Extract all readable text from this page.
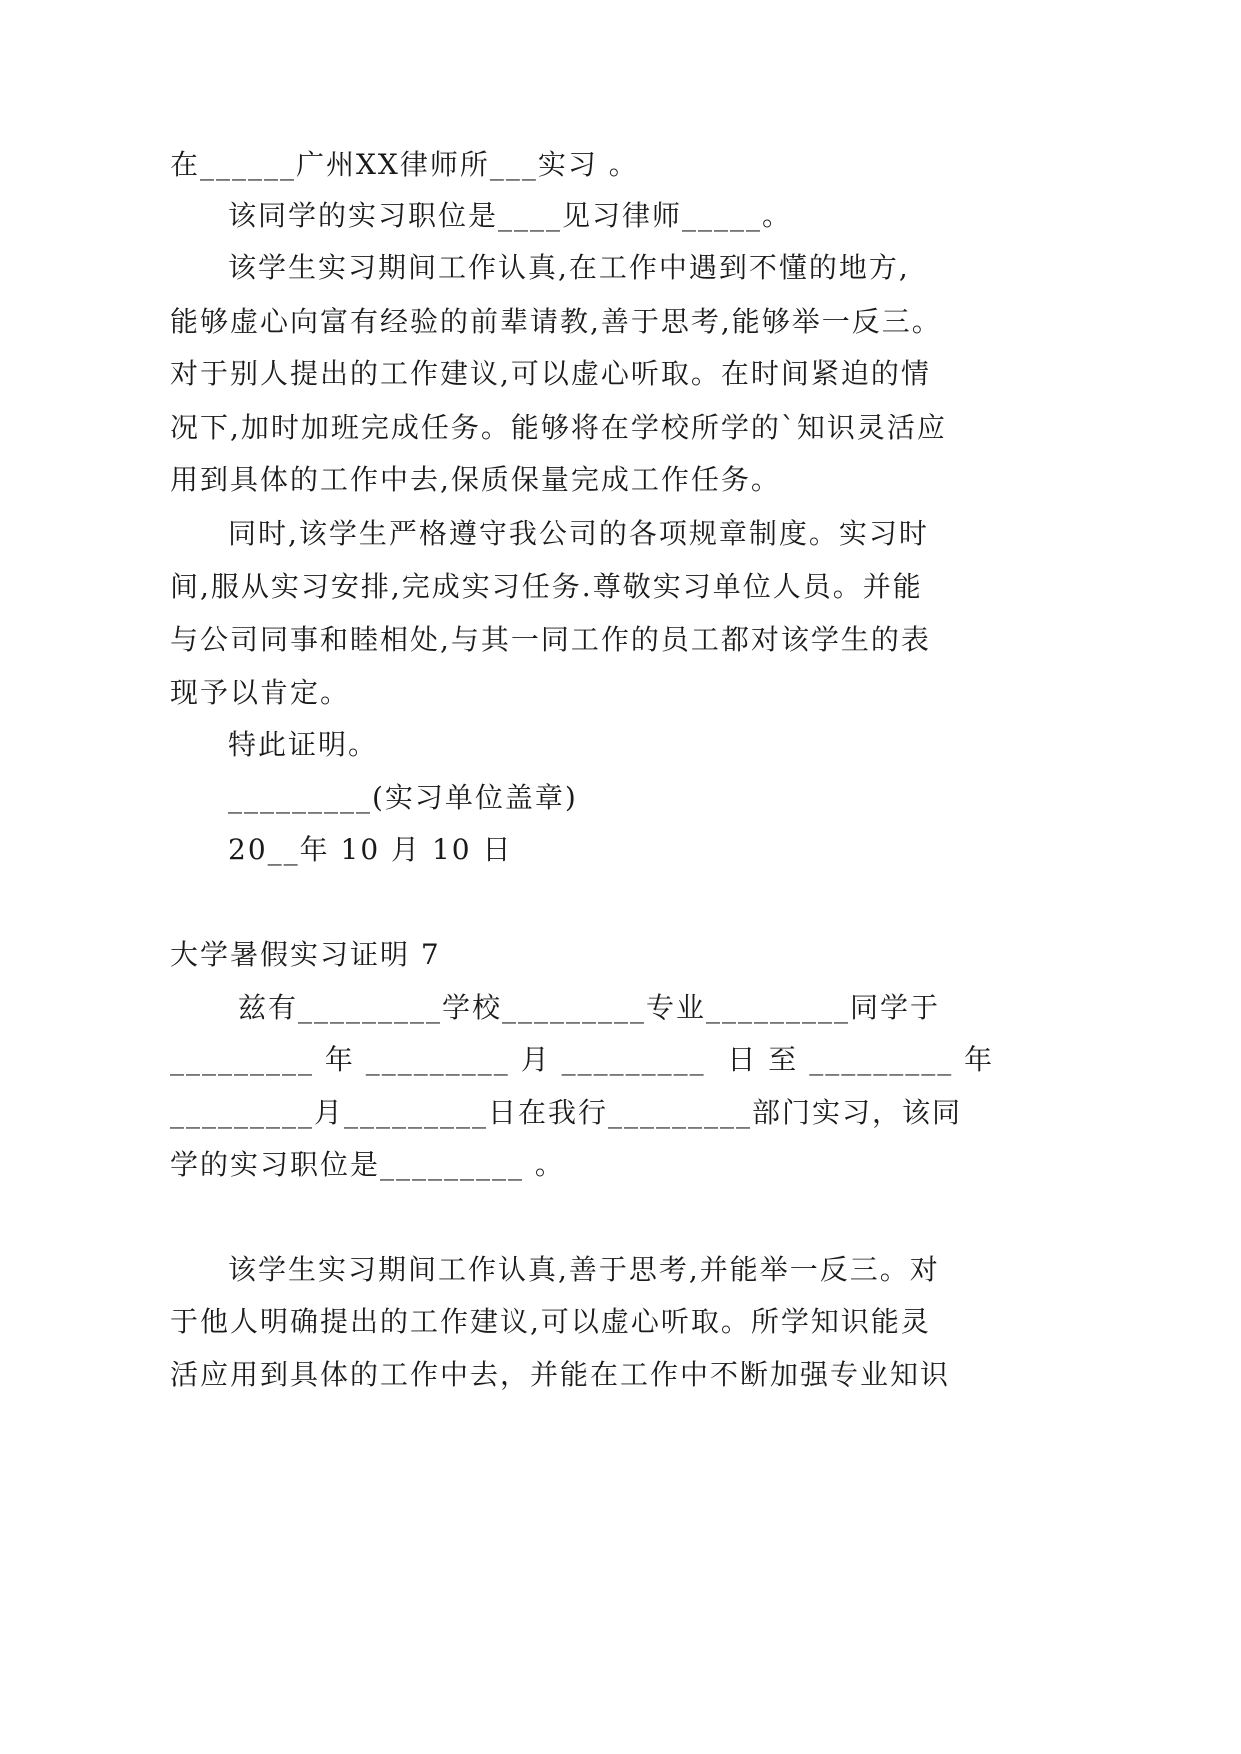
在______广州XX律师所___实习 。
该同学的实习职位是____见习律师_____。
该学生实习期间工作认真,在工作中遇到不懂的地方,
能够虚心向富有经验的前辈请教,善于思考,能够举一反三。
对于别人提出的工作建议,可以虚心听取。在时间紧迫的情
况下,加时加班完成任务。能够将在学校所学的`知识灵活应
用到具体的工作中去,保质保量完成工作任务。
同时,该学生严格遵守我公司的各项规章制度。实习时
间,服从实习安排,完成实习任务.尊敬实习单位人员。并能
与公司同事和睦相处,与其一同工作的员工都对该学生的表
现予以肯定。
特此证明。
_________(实习单位盖章)
20__年 10 月 10 日
大学暑假实习证明 7
兹有_________学校_________专业_________同学于
_________ 年 _________ 月 _________  日 至 _________ 年
_________月_________日在我行_________部门实习，该同
学的实习职位是_________ 。
该学生实习期间工作认真,善于思考,并能举一反三。对
于他人明确提出的工作建议,可以虚心听取。所学知识能灵
活应用到具体的工作中去，并能在工作中不断加强专业知识
